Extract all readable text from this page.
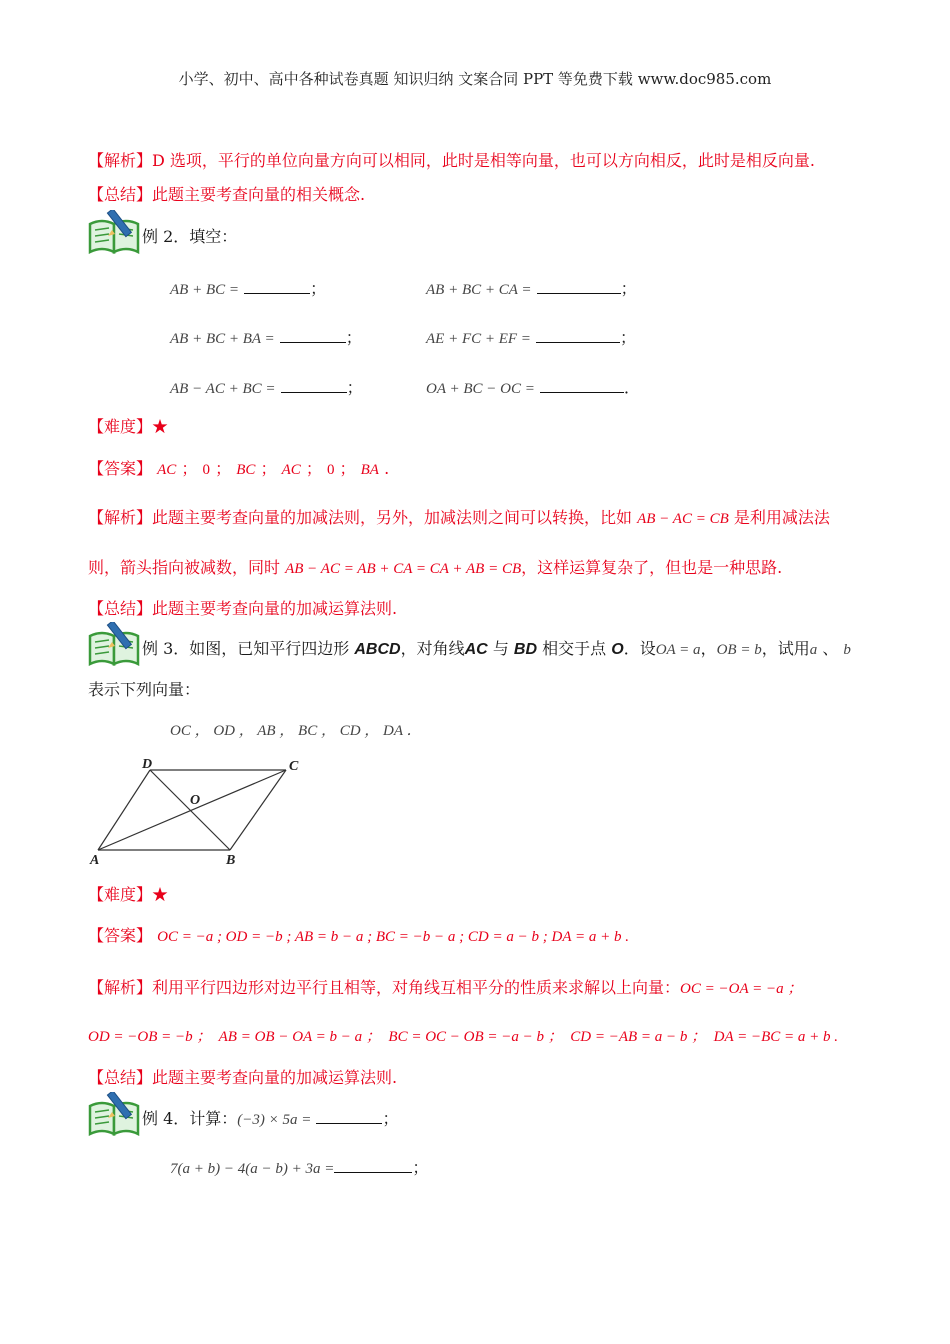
小学、初中、高中各种试卷真题 知识归纳 文案合同 PPT 等免费下载 www.doc985.com
【解析】D 选项，平行的单位向量方向可以相同，此时是相等向量，也可以方向相反，此时是相反向量.
【总结】此题主要考查向量的相关概念.
例 2．填空：
AB + BC =	；	AB + BC + CA =	；
AB + BC + BA =	；	AE + FC + EF =	；
AB − AC + BC =	；	OA + BC − OC =	．
【难度】★
【答案】 AC ； 0 ； BC ； AC ； 0 ； BA .
【解析】此题主要考查向量的加减法则，另外，加减法则之间可以转换，比如 AB − AC = CB 是利用减法法
则，箭头指向被减数，同时 AB − AC = AB + CA = CA + AB = CB，这样运算复杂了，但也是一种思路.
【总结】此题主要考查向量的加减运算法则.
例 3．如图，已知平行四边形 ABCD，对角线AC 与 BD 相交于点 O．设OA = a，OB = b，试用a 、 b
表示下列向量：
OC ， OD ， AB ， BC ， CD ， DA ．
A	B
C
D
O
【难度】★
【答案】 OC = −a ; OD = −b ; AB = b − a ; BC = −b − a ; CD = a − b ; DA = a + b .
【解析】利用平行四边形对边平行且相等，对角线互相平分的性质来求解以上向量：OC = −OA = −a ；
OD = −OB = −b ；  AB = OB − OA = b − a ；  BC = OC − OB = −a − b ；  CD = −AB = a − b ；  DA = −BC = a + b .
【总结】此题主要考查向量的加减运算法则.
例 4．计算：(−3) × 5a =	；
7(a + b) − 4(a − b) + 3a =	；
